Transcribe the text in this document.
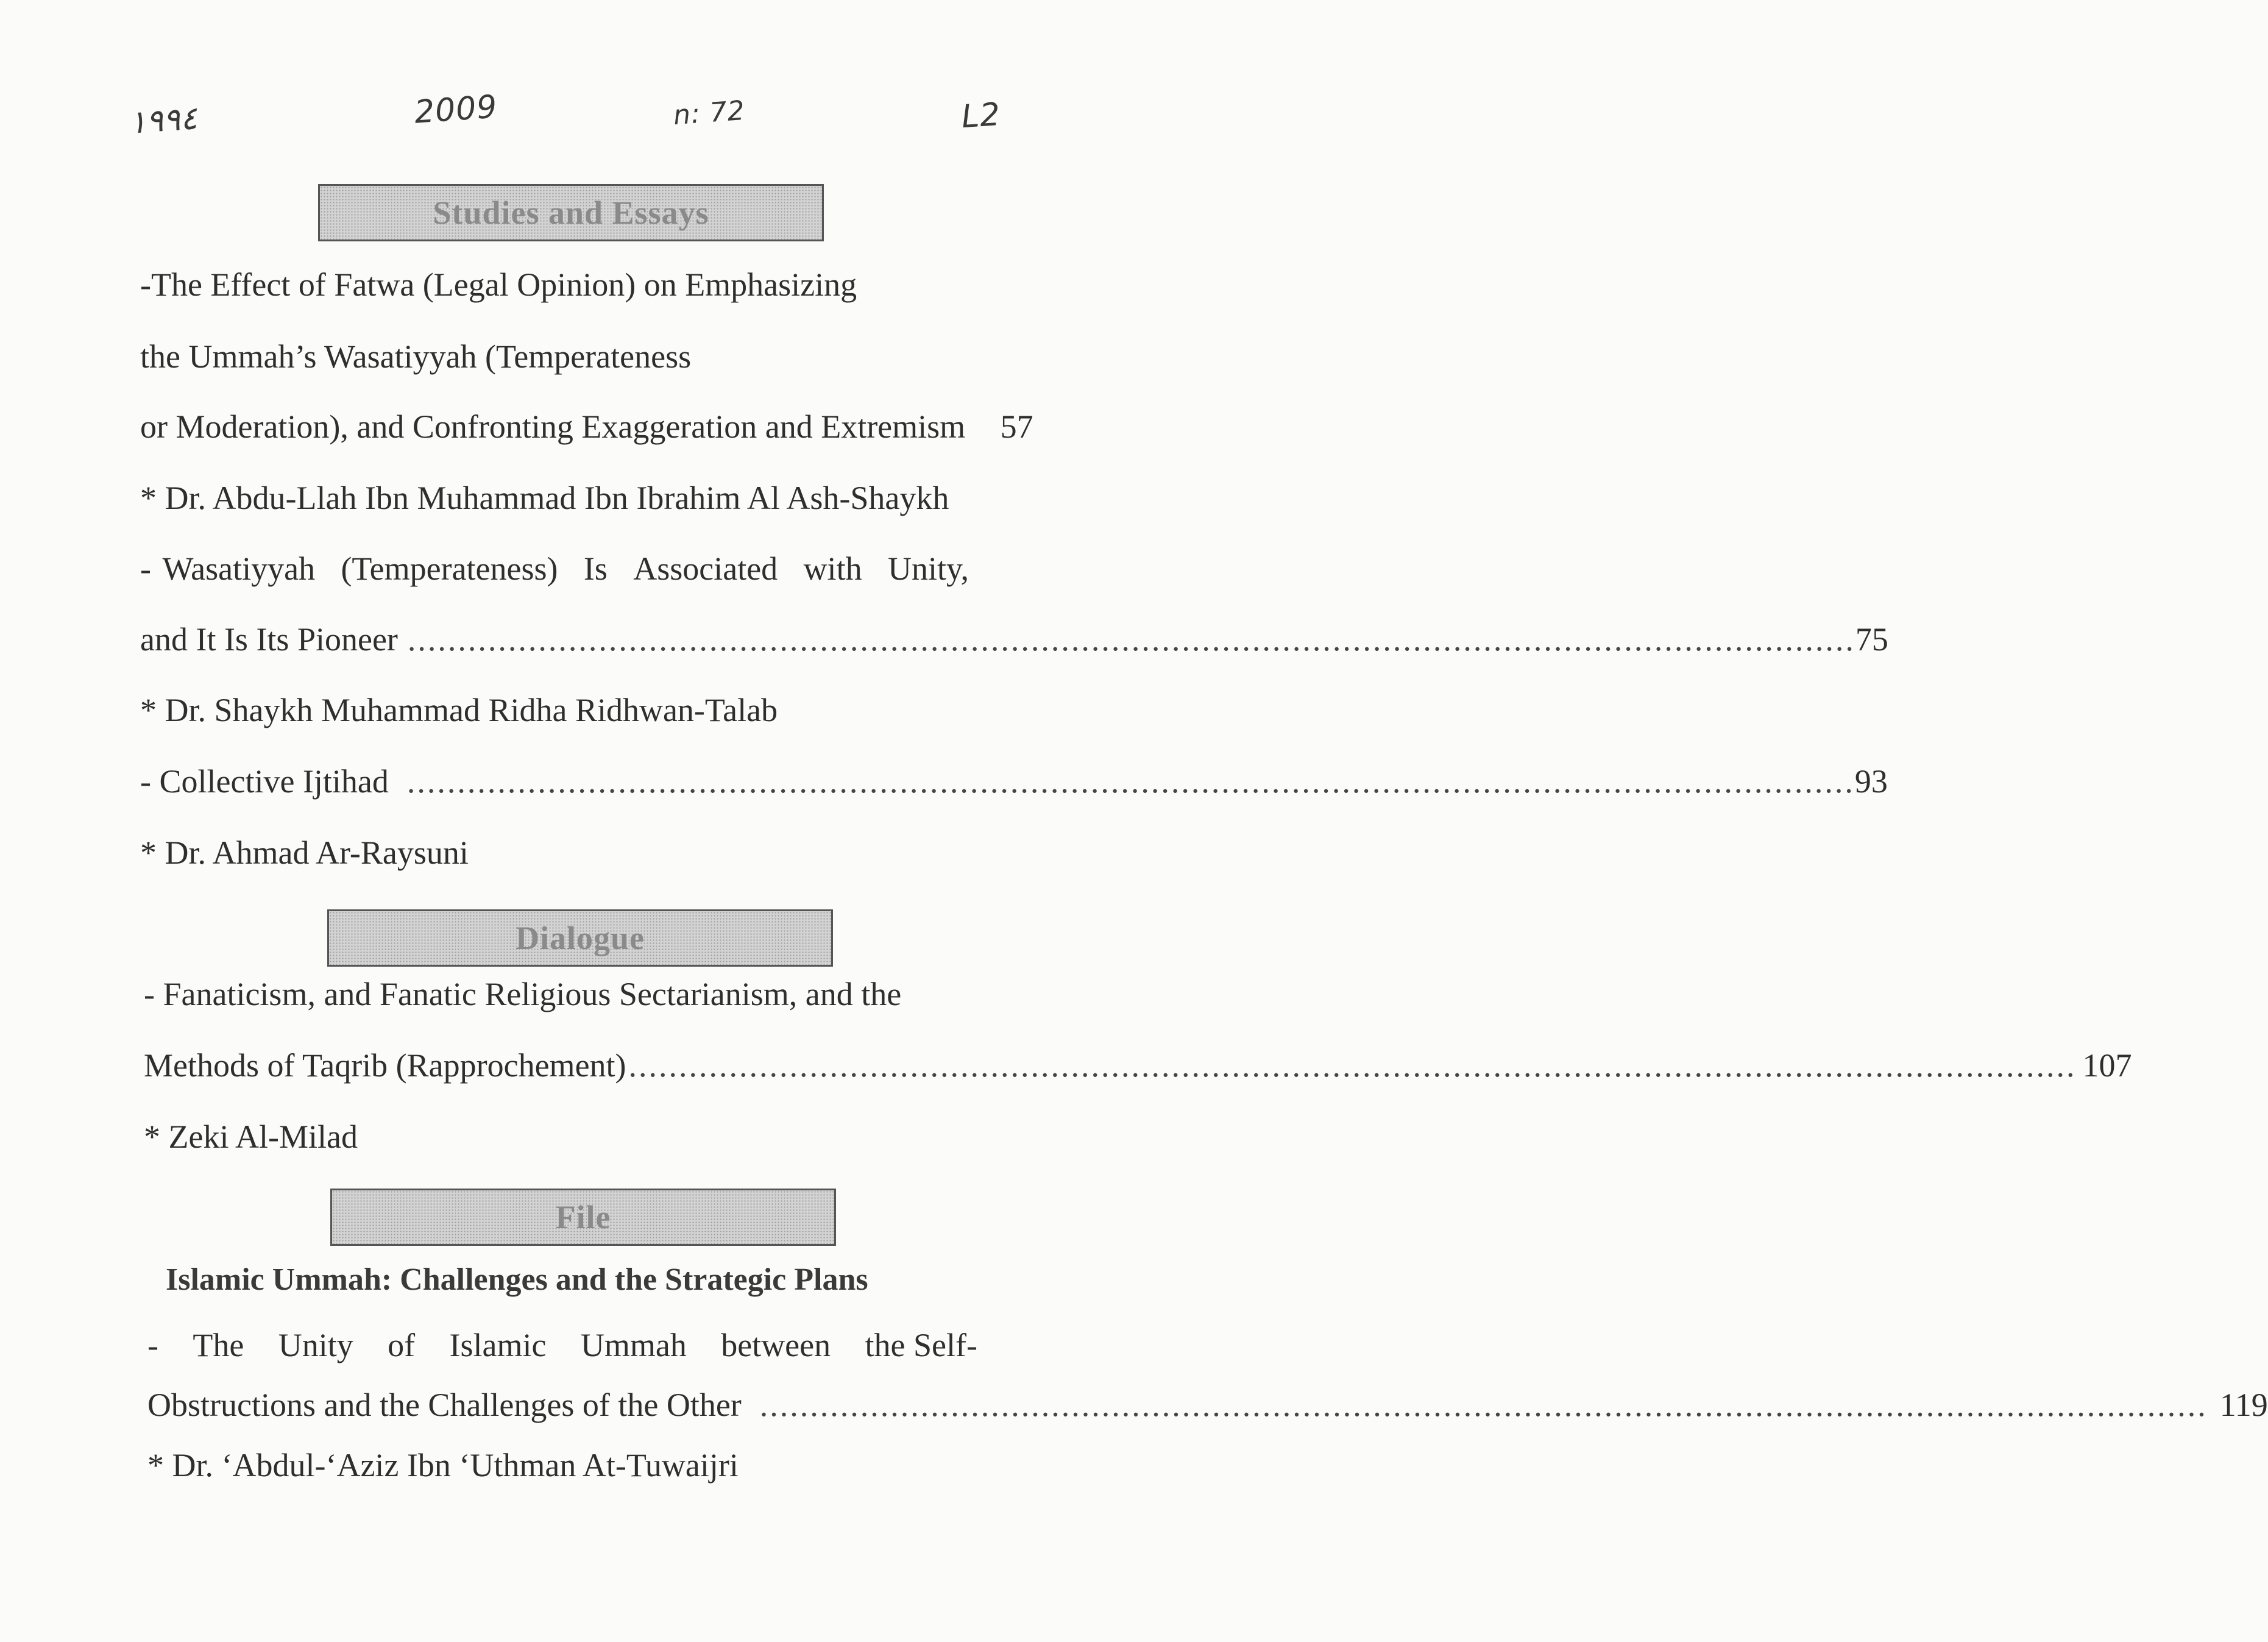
١٩٩٤	2009	n: 72	L2
Studies and Essays
-The Effect of Fatwa (Legal Opinion) on Emphasizing
the Ummah’s Wasatiyyah (Temperateness
or Moderation), and Confronting Exaggeration and Extremism 57
* Dr. Abdu-Llah Ibn Muhammad Ibn Ibrahim Al Ash-Shaykh
- Wasatiyyah (Temperateness) Is Associated with Unity,
and It Is Its Pioneer ................................................................................................................................................ 75
* Dr. Shaykh Muhammad Ridha Ridhwan-Talab
- Collective Ijtihad ................................................................................................................................................ 93
* Dr. Ahmad Ar-Raysuni
Dialogue
- Fanaticism, and Fanatic Religious Sectarianism, and the
Methods of Taqrib (Rapprochement) ................................................................................................................................................ 107
* Zeki Al-Milad
File
Islamic Ummah: Challenges and the Strategic Plans
- The Unity of Islamic Ummah between the Self-
Obstructions and the Challenges of the Other ................................................................................................................................................ 119
* Dr. ‘Abdul-‘Aziz Ibn ‘Uthman At-Tuwaijri
